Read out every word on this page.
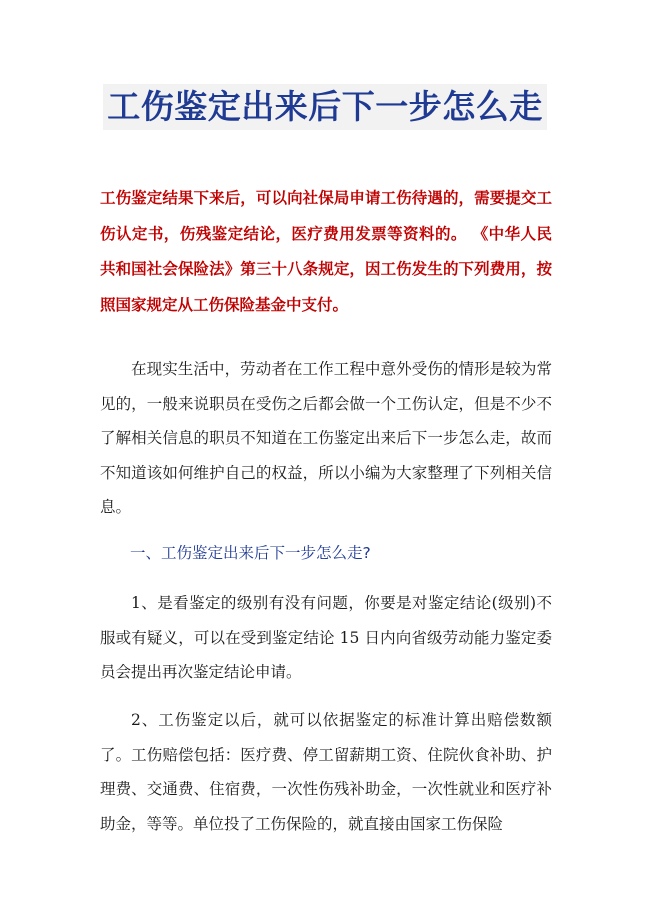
工伤鉴定出来后下一步怎么走

工伤鉴定结果下来后，可以向社保局申请工伤待遇的，需要提交工伤认定书，伤残鉴定结论，医疗费用发票等资料的。 《中华人民共和国社会保险法》第三十八条规定，因工伤发生的下列费用，按照国家规定从工伤保险基金中支付。

在现实生活中，劳动者在工作工程中意外受伤的情形是较为常见的，一般来说职员在受伤之后都会做一个工伤认定，但是不少不了解相关信息的职员不知道在工伤鉴定出来后下一步怎么走，故而不知道该如何维护自己的权益，所以小编为大家整理了下列相关信息。

一、工伤鉴定出来后下一步怎么走?

1、是看鉴定的级别有没有问题，你要是对鉴定结论(级别)不服或有疑义，可以在受到鉴定结论 15 日内向省级劳动能力鉴定委员会提出再次鉴定结论申请。

2、工伤鉴定以后，就可以依据鉴定的标准计算出赔偿数额了。工伤赔偿包括：医疗费、停工留薪期工资、住院伙食补助、护理费、交通费、住宿费，一次性伤残补助金，一次性就业和医疗补助金，等等。单位投了工伤保险的，就直接由国家工伤保险
